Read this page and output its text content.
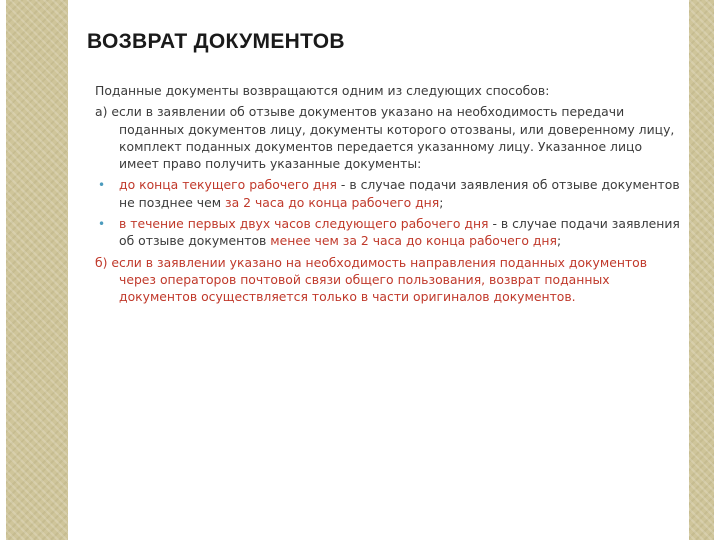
ВОЗВРАТ ДОКУМЕНТОВ

Поданные документы возвращаются одним из следующих способов:

а) если в заявлении об отзыве документов указано на необходимость передачи поданных документов лицу, документы которого отозваны, или доверенному лицу, комплект поданных документов передается указанному лицу. Указанное лицо имеет право получить указанные документы:

• до конца текущего рабочего дня - в случае подачи заявления об отзыве документов не позднее чем за 2 часа до конца рабочего дня;

• в течение первых двух часов следующего рабочего дня - в случае подачи заявления об отзыве документов менее чем за 2 часа до конца рабочего дня;

б) если в заявлении указано на необходимость направления поданных документов через операторов почтовой связи общего пользования, возврат поданных документов осуществляется только в части оригиналов документов.
